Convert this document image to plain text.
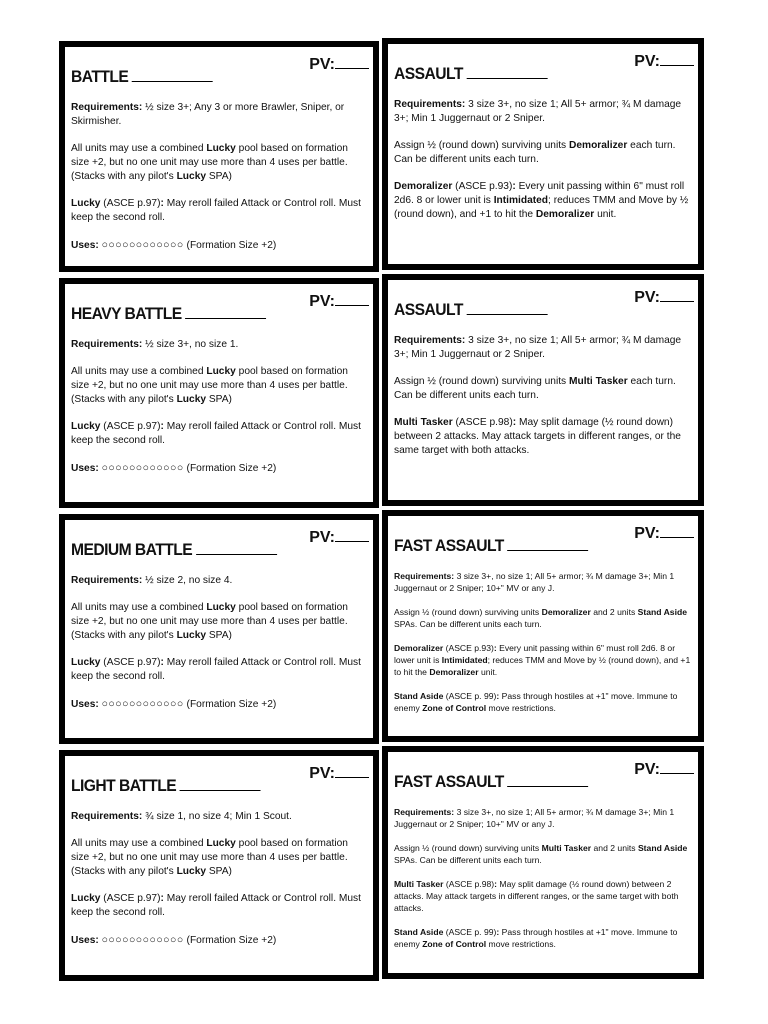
BATTLE
PV:

Requirements: ½ size 3+; Any 3 or more Brawler, Sniper, or Skirmisher.

All units may use a combined Lucky pool based on formation size +2, but no one unit may use more than 4 uses per battle. (Stacks with any pilot's Lucky SPA)

Lucky (ASCE p.97): May reroll failed Attack or Control roll. Must keep the second roll.

Uses: ○○○○○○○○○○○○ (Formation Size +2)

HEAVY BATTLE
PV:

Requirements: ½ size 3+, no size 1.

All units may use a combined Lucky pool based on formation size +2, but no one unit may use more than 4 uses per battle. (Stacks with any pilot's Lucky SPA)

Lucky (ASCE p.97): May reroll failed Attack or Control roll. Must keep the second roll.

Uses: ○○○○○○○○○○○○ (Formation Size +2)

MEDIUM BATTLE
PV:

Requirements: ½ size 2, no size 4.

All units may use a combined Lucky pool based on formation size +2, but no one unit may use more than 4 uses per battle. (Stacks with any pilot's Lucky SPA)

Lucky (ASCE p.97): May reroll failed Attack or Control roll. Must keep the second roll.

Uses: ○○○○○○○○○○○○ (Formation Size +2)

LIGHT BATTLE
PV:

Requirements: ¾ size 1, no size 4; Min 1 Scout.

All units may use a combined Lucky pool based on formation size +2, but no one unit may use more than 4 uses per battle. (Stacks with any pilot's Lucky SPA)

Lucky (ASCE p.97): May reroll failed Attack or Control roll. Must keep the second roll.

Uses: ○○○○○○○○○○○○ (Formation Size +2)

ASSAULT
PV:

Requirements: 3 size 3+, no size 1; All 5+ armor; ¾ M damage 3+; Min 1 Juggernaut or 2 Sniper.

Assign ½ (round down) surviving units Demoralizer each turn. Can be different units each turn.

Demoralizer (ASCE p.93): Every unit passing within 6" must roll 2d6. 8 or lower unit is Intimidated; reduces TMM and Move by ½ (round down), and +1 to hit the Demoralizer unit.

ASSAULT
PV:

Requirements: 3 size 3+, no size 1; All 5+ armor; ¾ M damage 3+; Min 1 Juggernaut or 2 Sniper.

Assign ½ (round down) surviving units Multi Tasker each turn. Can be different units each turn.

Multi Tasker (ASCE p.98): May split damage (½ round down) between 2 attacks. May attack targets in different ranges, or the same target with both attacks.

FAST ASSAULT
PV:

Requirements: 3 size 3+, no size 1; All 5+ armor; ¾ M damage 3+; Min 1 Juggernaut or 2 Sniper; 10+" MV or any J.

Assign ½ (round down) surviving units Demoralizer and 2 units Stand Aside SPAs. Can be different units each turn.

Demoralizer (ASCE p.93): Every unit passing within 6" must roll 2d6. 8 or lower unit is Intimidated; reduces TMM and Move by ½ (round down), and +1 to hit the Demoralizer unit.

Stand Aside (ASCE p. 99): Pass through hostiles at +1" move. Immune to enemy Zone of Control move restrictions.

FAST ASSAULT
PV:

Requirements: 3 size 3+, no size 1; All 5+ armor; ¾ M damage 3+; Min 1 Juggernaut or 2 Sniper; 10+" MV or any J.

Assign ½ (round down) surviving units Multi Tasker and 2 units Stand Aside SPAs. Can be different units each turn.

Multi Tasker (ASCE p.98): May split damage (½ round down) between 2 attacks. May attack targets in different ranges, or the same target with both attacks.

Stand Aside (ASCE p. 99): Pass through hostiles at +1" move. Immune to enemy Zone of Control move restrictions.
